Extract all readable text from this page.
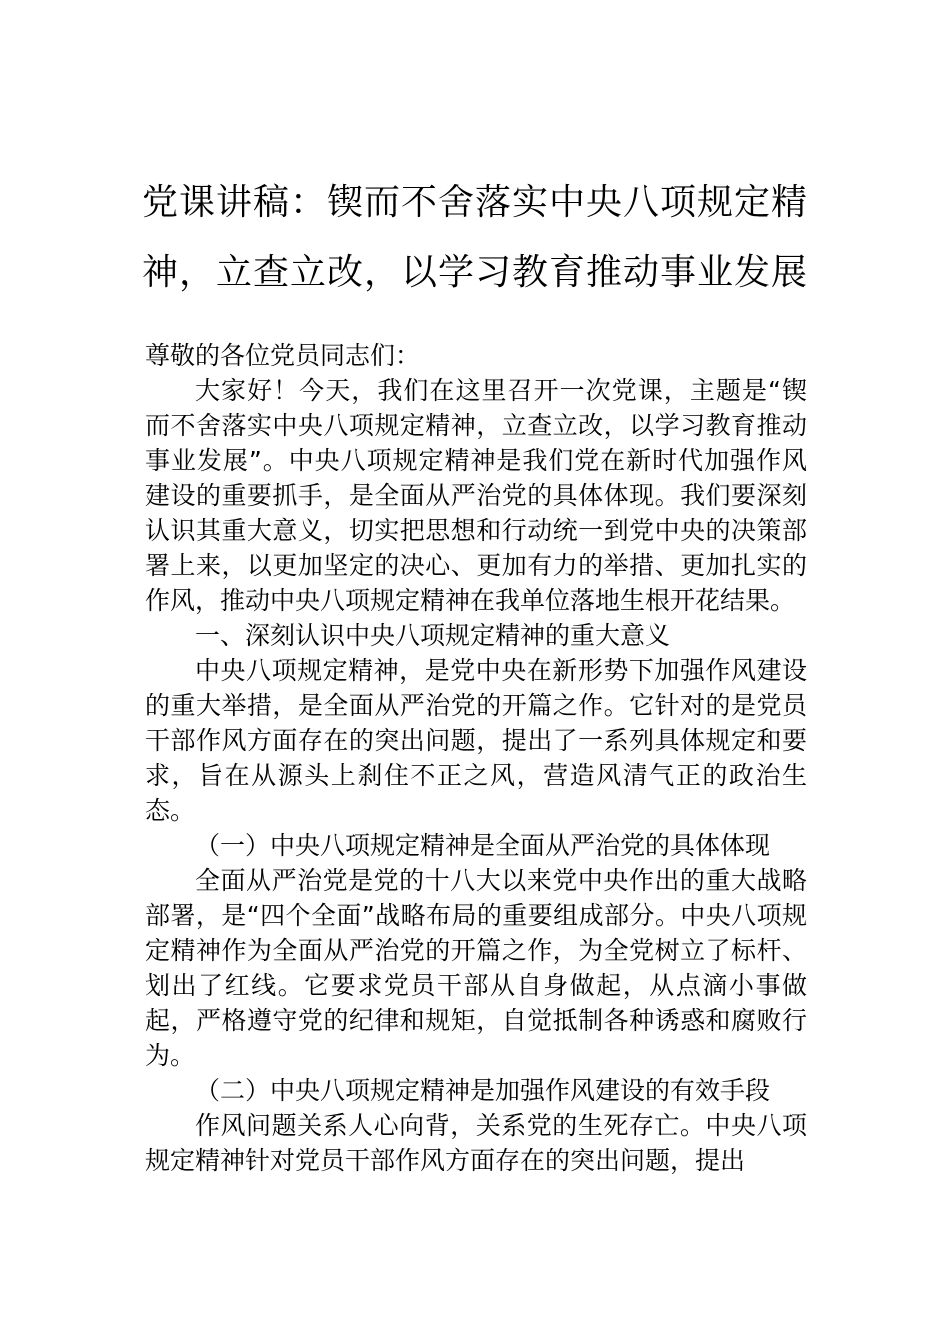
党课讲稿：锲而不舍落实中央八项规定精
神，立查立改，以学习教育推动事业发展

尊敬的各位党员同志们：

大家好！今天，我们在这里召开一次党课，主题是“锲而不舍落实中央八项规定精神，立查立改，以学习教育推动事业发展”。中央八项规定精神是我们党在新时代加强作风建设的重要抓手，是全面从严治党的具体体现。我们要深刻认识其重大意义，切实把思想和行动统一到党中央的决策部署上来，以更加坚定的决心、更加有力的举措、更加扎实的作风，推动中央八项规定精神在我单位落地生根开花结果。

一、深刻认识中央八项规定精神的重大意义

中央八项规定精神，是党中央在新形势下加强作风建设的重大举措，是全面从严治党的开篇之作。它针对的是党员干部作风方面存在的突出问题，提出了一系列具体规定和要求，旨在从源头上刹住不正之风，营造风清气正的政治生态。

（一）中央八项规定精神是全面从严治党的具体体现

全面从严治党是党的十八大以来党中央作出的重大战略部署，是“四个全面”战略布局的重要组成部分。中央八项规定精神作为全面从严治党的开篇之作，为全党树立了标杆、划出了红线。它要求党员干部从自身做起，从点滴小事做起，严格遵守党的纪律和规矩，自觉抵制各种诱惑和腐败行为。

（二）中央八项规定精神是加强作风建设的有效手段

作风问题关系人心向背，关系党的生死存亡。中央八项规定精神针对党员干部作风方面存在的突出问题，提出
